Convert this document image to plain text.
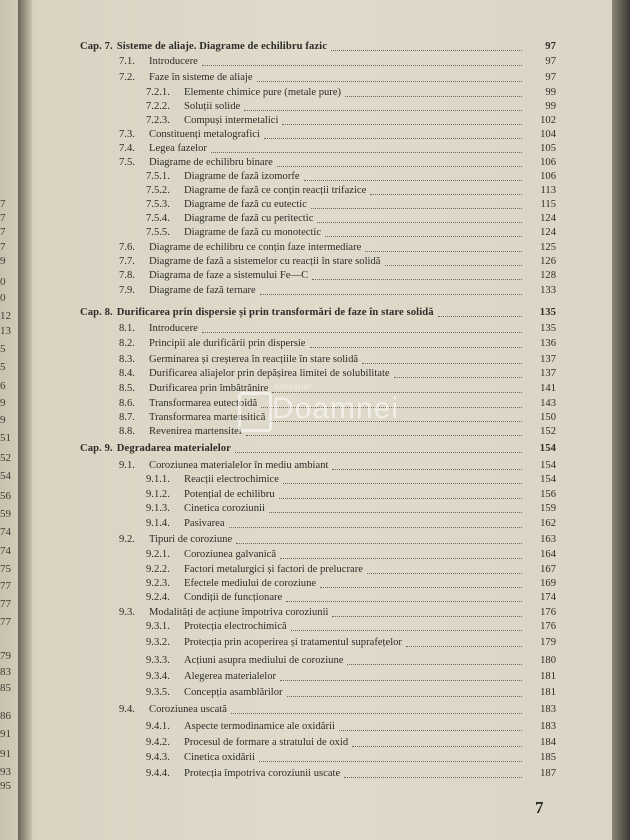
7
7
7
7
9
0
0
12
13
5
5
6
9
9
51
52
54
56
59
74
74
75
77
77
77
79
83
85
86
91
91
93
95
Cap. 7. Sisteme de aliaje. Diagrame de echilibru fazic	97
7.1. Introducere	97
7.2. Faze în sisteme de aliaje	97
7.2.1. Elemente chimice pure (metale pure)	99
7.2.2. Soluții solide	99
7.2.3. Compuși intermetalici	102
7.3. Constituenți metalografici	104
7.4. Legea fazelor	105
7.5. Diagrame de echilibru binare	106
7.5.1. Diagrame de fază izomorfe	106
7.5.2. Diagrame de fază ce conțin reacții trifazice	113
7.5.3. Diagrame de fază cu eutectic	115
7.5.4. Diagrame de fază cu peritectic	124
7.5.5. Diagrame de fază cu monotectic	124
7.6. Diagrame de echilibru ce conțin faze intermediare	125
7.7. Diagrame de fază a sistemelor cu reacții în stare solidă	126
7.8. Diagrama de faze a sistemului Fe—C	128
7.9. Diagrame de fază ternare	133
Cap. 8. Durificarea prin dispersie și prin transformări de faze în stare solidă	135
8.1. Introducere	135
8.2. Principii ale durificării prin dispersie	136
8.3. Germinarea și creșterea în reacțiile în stare solidă	137
8.4. Durificarea aliajelor prin depășirea limitei de solubilitate	137
8.5. Durificarea prin îmbătrânire	141
8.6. Transformarea eutectoidă	143
8.7. Transformarea martensitică	150
8.8. Revenirea martensitei	152
Cap. 9. Degradarea materialelor	154
9.1. Coroziunea materialelor în mediu ambiant	154
9.1.1. Reacții electrochimice	154
9.1.2. Potențial de echilibru	156
9.1.3. Cinetica coroziunii	159
9.1.4. Pasivarea	162
9.2. Tipuri de coroziune	163
9.2.1. Coroziunea galvanică	164
9.2.2. Factori metalurgici și factori de prelucrare	167
9.2.3. Efectele mediului de coroziune	169
9.2.4. Condiții de funcționare	174
9.3. Modalități de acțiune împotriva coroziunii	176
9.3.1. Protecția electrochimică	176
9.3.2. Protecția prin acoperirea și tratamentul suprafețelor	179
9.3.3. Acțiuni asupra mediului de coroziune	180
9.3.4. Alegerea materialelor	181
9.3.5. Concepția asamblărilor	181
9.4. Coroziunea uscată	183
9.4.1. Aspecte termodinamice ale oxidării	183
9.4.2. Procesul de formare a stratului de oxid	184
9.4.3. Cinetica oxidării	185
9.4.4. Protecția împotriva coroziunii uscate	187
anticariat
Doamnei
7
